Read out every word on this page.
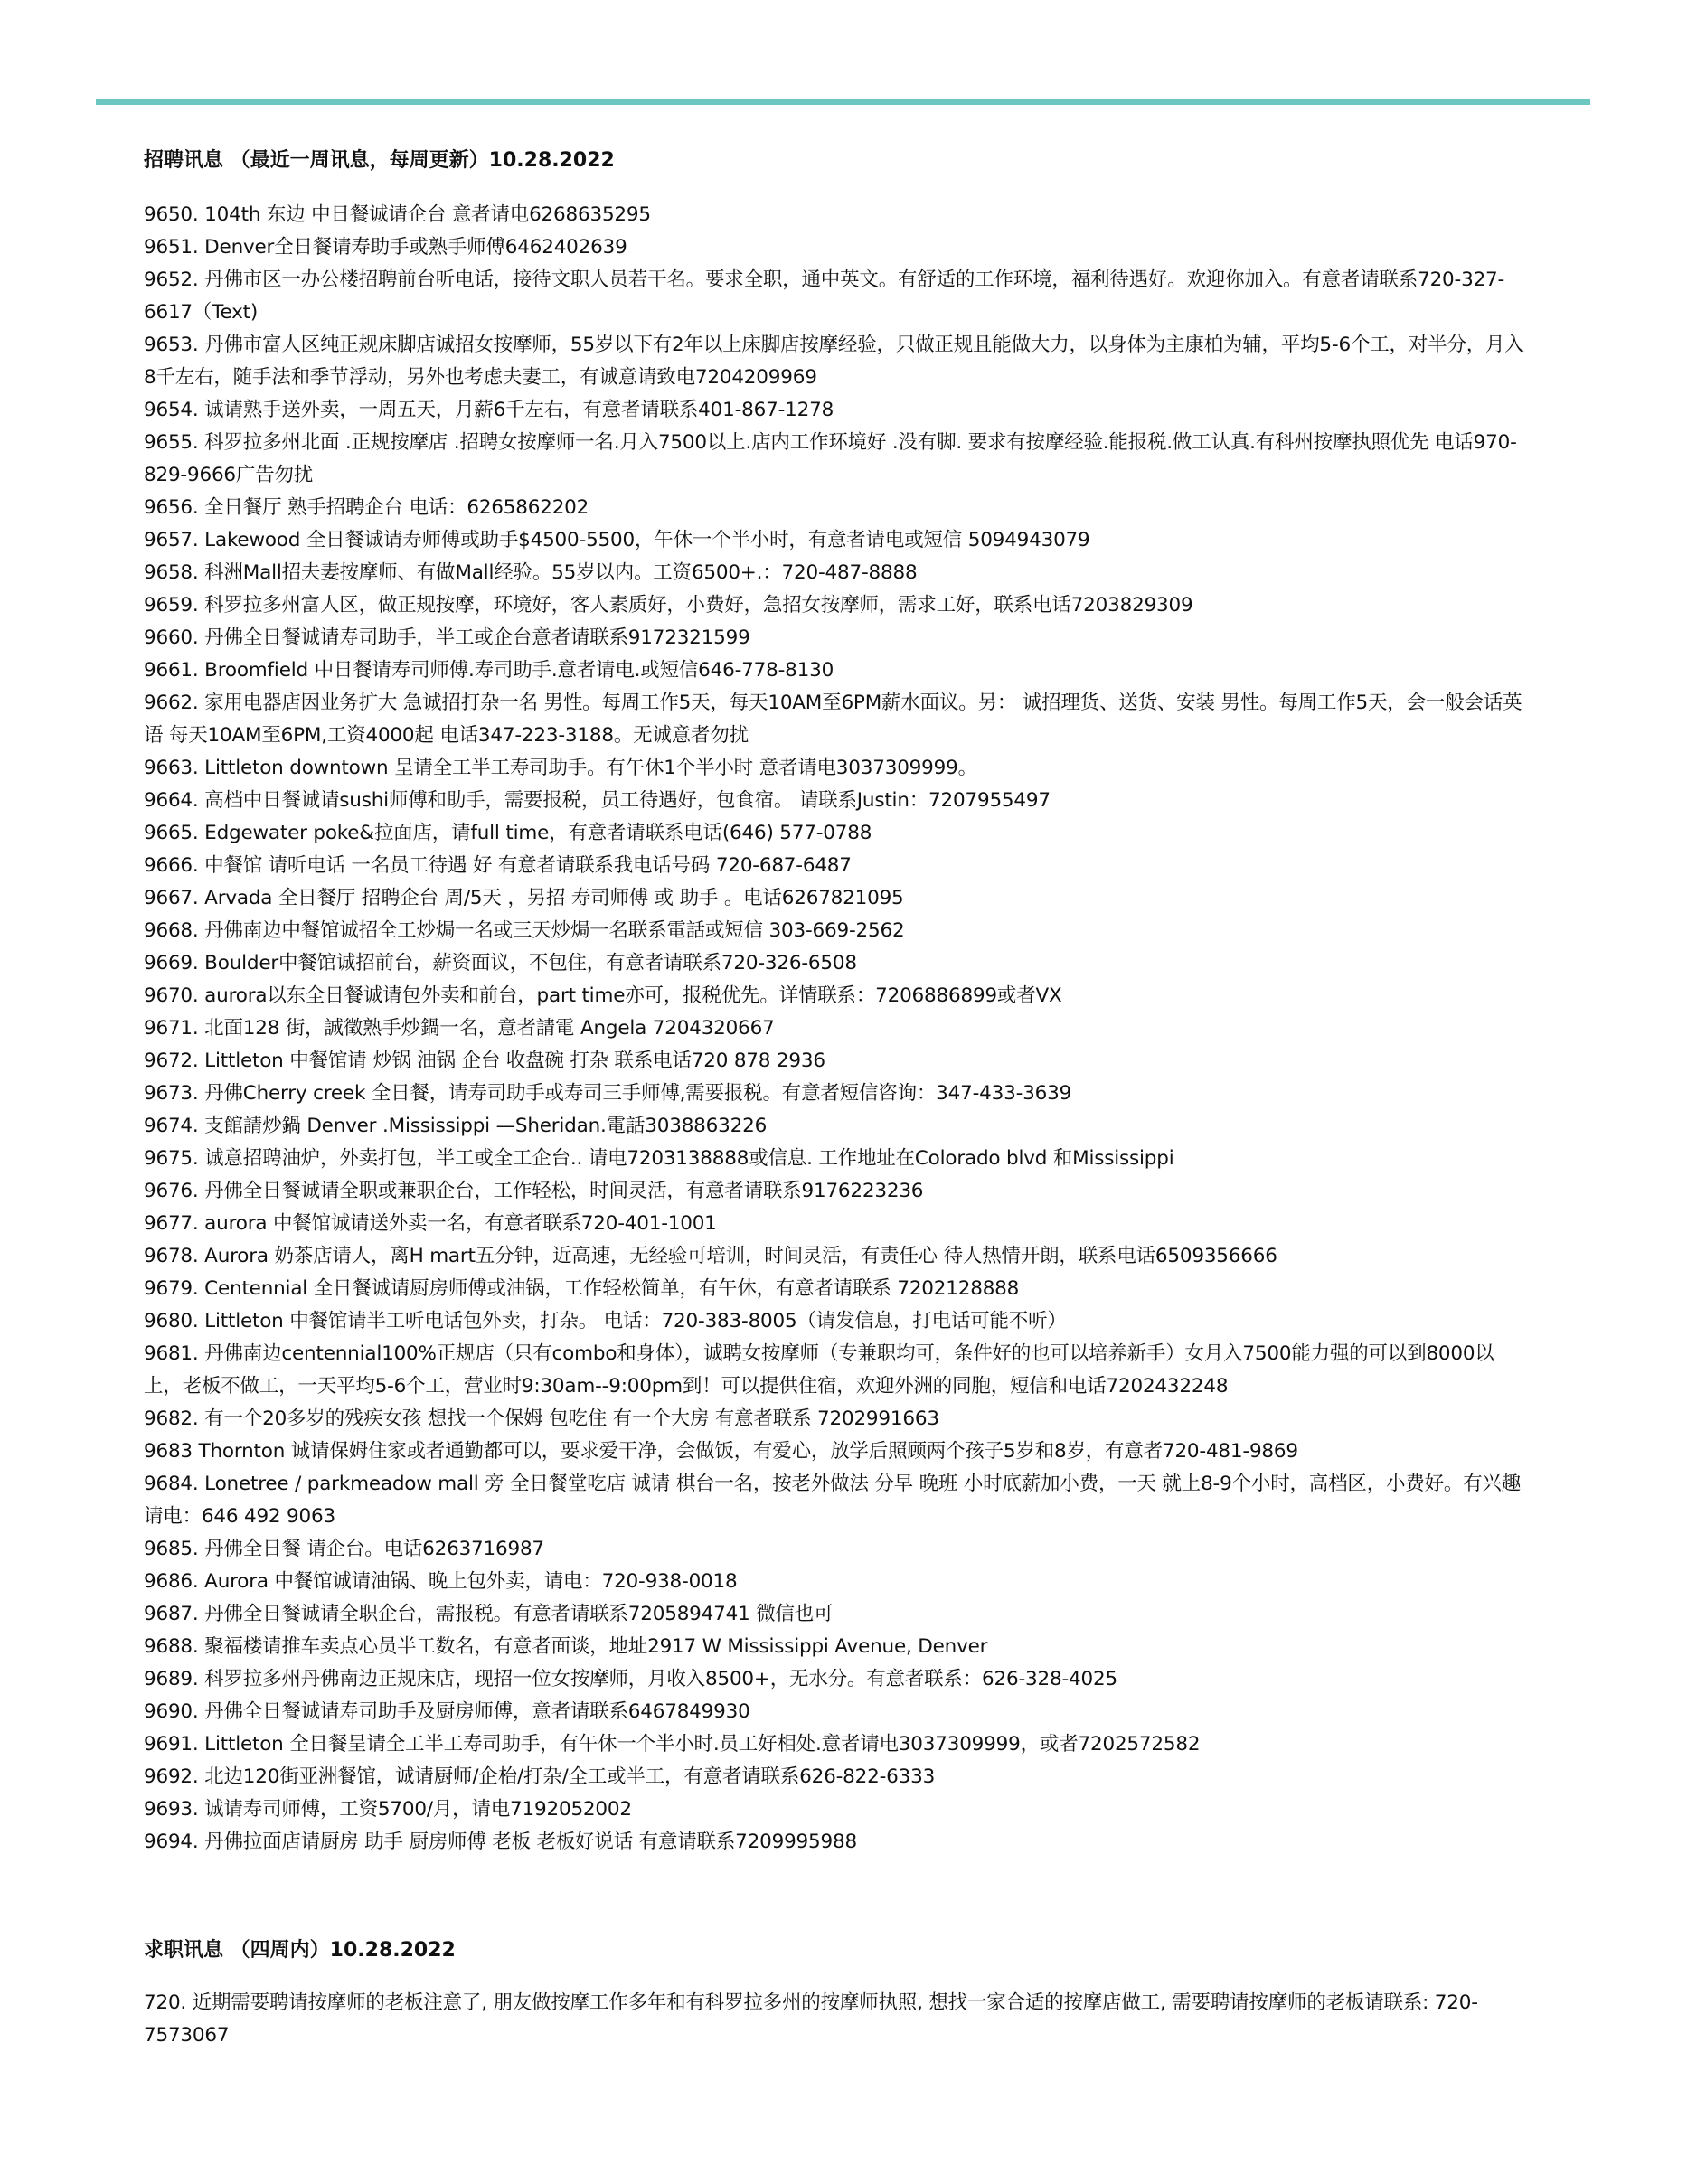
招聘讯息 （最近一周讯息，每周更新）10.28.2022

9650. 104th 东边 中日餐诚请企台 意者请电6268635295

9651. Denver全日餐请寿助手或熟手师傅6462402639

9652. 丹佛市区一办公楼招聘前台听电话，接待文职人员若干名。要求全职，通中英文。有舒适的工作环境，福利待遇好。欢迎你加入。有意者请联系720-327-6617（Text)

9653. 丹佛市富人区纯正规床脚店诚招女按摩师，55岁以下有2年以上床脚店按摩经验，只做正规且能做大力，以身体为主康柏为辅，平均5-6个工，对半分，月入8千左右，随手法和季节浮动，另外也考虑夫妻工，有诚意请致电7204209969

9654. 诚请熟手送外卖，一周五天，月薪6千左右，有意者请联系401-867-1278

9655. 科罗拉多州北面 .正规按摩店 .招聘女按摩师一名.月入7500以上.店内工作环境好 .没有脚. 要求有按摩经验.能报税.做工认真.有科州按摩执照优先 电话970-829-9666广告勿扰

9656. 全日餐厅 熟手招聘企台 电话：6265862202

9657. Lakewood 全日餐诚请寿师傅或助手$4500-5500，午休一个半小时，有意者请电或短信 5094943079

9658. 科洲Mall招夫妻按摩师、有做Mall经验。55岁以内。工资6500+.：720-487-8888

9659. 科罗拉多州富人区，做正规按摩，环境好，客人素质好，小费好，急招女按摩师，需求工好，联系电话7203829309

9660. 丹佛全日餐诚请寿司助手，半工或企台意者请联系9172321599

9661. Broomfield 中日餐请寿司师傅.寿司助手.意者请电.或短信646-778-8130

9662. 家用电器店因业务扩大 急诚招打杂一名 男性。每周工作5天，每天10AM至6PM薪水面议。另： 诚招理货、送货、安装 男性。每周工作5天，会一般会话英语 每天10AM至6PM,工资4000起 电话347-223-3188。无诚意者勿扰

9663. Littleton downtown 呈请全工半工寿司助手。有午休1个半小时 意者请电3037309999。

9664. 高档中日餐诚请sushi师傅和助手，需要报税，员工待遇好，包食宿。 请联系Justin：7207955497

9665. Edgewater poke&拉面店，请full time，有意者请联系电话(646) 577-0788

9666. 中餐馆 请听电话 一名员工待遇 好 有意者请联系我电话号码 720-687-6487

9667. Arvada 全日餐厅 招聘企台 周/5天 ，另招 寿司师傅 或 助手 。电话6267821095

9668. 丹佛南边中餐馆诚招全工炒焗一名或三天炒焗一名联系電話或短信 303-669-2562

9669. Boulder中餐馆诚招前台，薪资面议，不包住，有意者请联系720-326-6508

9670. aurora以东全日餐诚请包外卖和前台，part time亦可，报税优先。详情联系：7206886899或者VX

9671. 北面128 街，誠徵熟手炒鍋一名，意者請電 Angela 7204320667

9672. Littleton 中餐馆请 炒锅 油锅 企台 收盘碗 打杂 联系电话720 878 2936

9673. 丹佛Cherry creek 全日餐，请寿司助手或寿司三手师傅,需要报税。有意者短信咨询：347-433-3639

9674. 支館請炒鍋 Denver .Mississippi —Sheridan.電話3038863226

9675. 诚意招聘油炉，外卖打包，半工或全工企台.. 请电7203138888或信息. 工作地址在Colorado blvd 和Mississippi

9676. 丹佛全日餐诚请全职或兼职企台，工作轻松，时间灵活，有意者请联系9176223236

9677. aurora 中餐馆诚请送外卖一名，有意者联系720-401-1001

9678. Aurora 奶茶店请人，离H mart五分钟，近高速，无经验可培训，时间灵活，有责任心 待人热情开朗，联系电话6509356666

9679. Centennial 全日餐诚请厨房师傅或油锅，工作轻松简单，有午休，有意者请联系 7202128888

9680. Littleton 中餐馆请半工听电话包外卖，打杂。 电话：720-383-8005（请发信息，打电话可能不听）

9681. 丹佛南边centennial100%正规店（只有combo和身体），诚聘女按摩师（专兼职均可，条件好的也可以培养新手）女月入7500能力强的可以到8000以上，老板不做工，一天平均5-6个工，营业时9:30am--9:00pm到！可以提供住宿，欢迎外洲的同胞，短信和电话7202432248

9682. 有一个20多岁的残疾女孩 想找一个保姆 包吃住 有一个大房 有意者联系 7202991663

9683 Thornton 诚请保姆住家或者通勤都可以，要求爱干净，会做饭，有爱心，放学后照顾两个孩子5岁和8岁，有意者720-481-9869

9684. Lonetree / parkmeadow mall 旁 全日餐堂吃店 诚请 棋台一名，按老外做法 分早 晚班 小时底薪加小费，一天 就上8-9个小时，高档区，小费好。有兴趣请电：646 492 9063

9685. 丹佛全日餐 请企台。电话6263716987

9686. Aurora 中餐馆诚请油锅、晚上包外卖，请电：720-938-0018

9687. 丹佛全日餐诚请全职企台，需报税。有意者请联系7205894741 微信也可

9688. 聚福楼请推车卖点心员半工数名，有意者面谈，地址2917 W Mississippi Avenue, Denver

9689. 科罗拉多州丹佛南边正规床店，现招一位女按摩师，月收入8500+，无水分。有意者联系：626-328-4025

9690. 丹佛全日餐诚请寿司助手及厨房师傅，意者请联系6467849930

9691. Littleton 全日餐呈请全工半工寿司助手，有午休一个半小时.员工好相处.意者请电3037309999，或者7202572582

9692. 北边120街亚洲餐馆，诚请厨师/企枱/打杂/全工或半工，有意者请联系626-822-6333

9693. 诚请寿司师傅，工资5700/月，请电7192052002

9694. 丹佛拉面店请厨房 助手 厨房师傅 老板 老板好说话 有意请联系7209995988

求职讯息 （四周内）10.28.2022

720. 近期需要聘请按摩师的老板注意了, 朋友做按摩工作多年和有科罗拉多州的按摩师执照, 想找一家合适的按摩店做工, 需要聘请按摩师的老板请联系: 720-7573067
